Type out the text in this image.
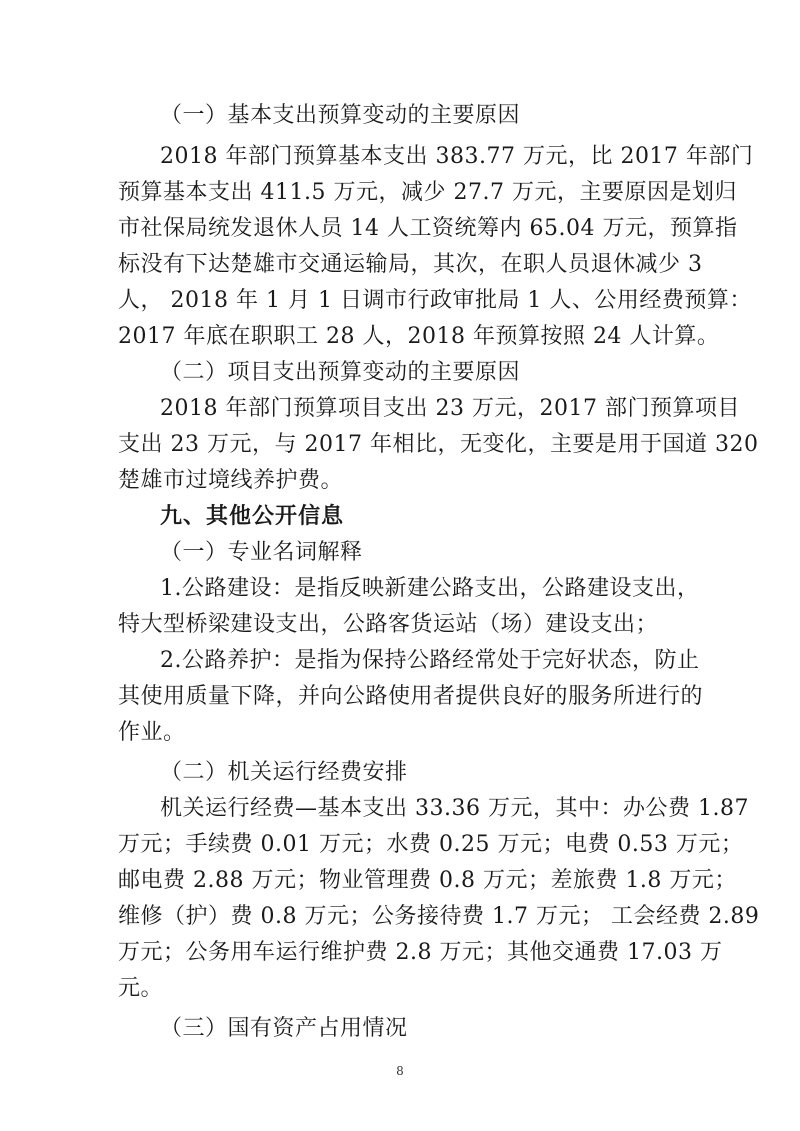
（一）基本支出预算变动的主要原因
2018 年部门预算基本支出 383.77 万元，比 2017 年部门
预算基本支出 411.5 万元，减少 27.7 万元，主要原因是划归
市社保局统发退休人员 14 人工资统筹内 65.04 万元，预算指
标没有下达楚雄市交通运输局，其次，在职人员退休减少 3
人， 2018 年 1 月 1 日调市行政审批局 1 人、公用经费预算：
2017 年底在职职工 28 人，2018 年预算按照 24 人计算。
（二）项目支出预算变动的主要原因
2018 年部门预算项目支出 23 万元，2017 部门预算项目
支出 23 万元，与 2017 年相比，无变化，主要是用于国道 320
楚雄市过境线养护费。
九、其他公开信息
（一）专业名词解释
1.公路建设：是指反映新建公路支出，公路建设支出，
特大型桥梁建设支出，公路客货运站（场）建设支出；
2.公路养护：是指为保持公路经常处于完好状态，防止
其使用质量下降，并向公路使用者提供良好的服务所进行的
作业。
（二）机关运行经费安排
机关运行经费—基本支出 33.36 万元，其中：办公费 1.87
万元；手续费 0.01 万元；水费 0.25 万元；电费 0.53 万元；
邮电费 2.88 万元；物业管理费 0.8 万元；差旅费 1.8 万元；
维修（护）费 0.8 万元；公务接待费 1.7 万元； 工会经费 2.89
万元；公务用车运行维护费 2.8 万元；其他交通费 17.03 万
元。
（三）国有资产占用情况
8
